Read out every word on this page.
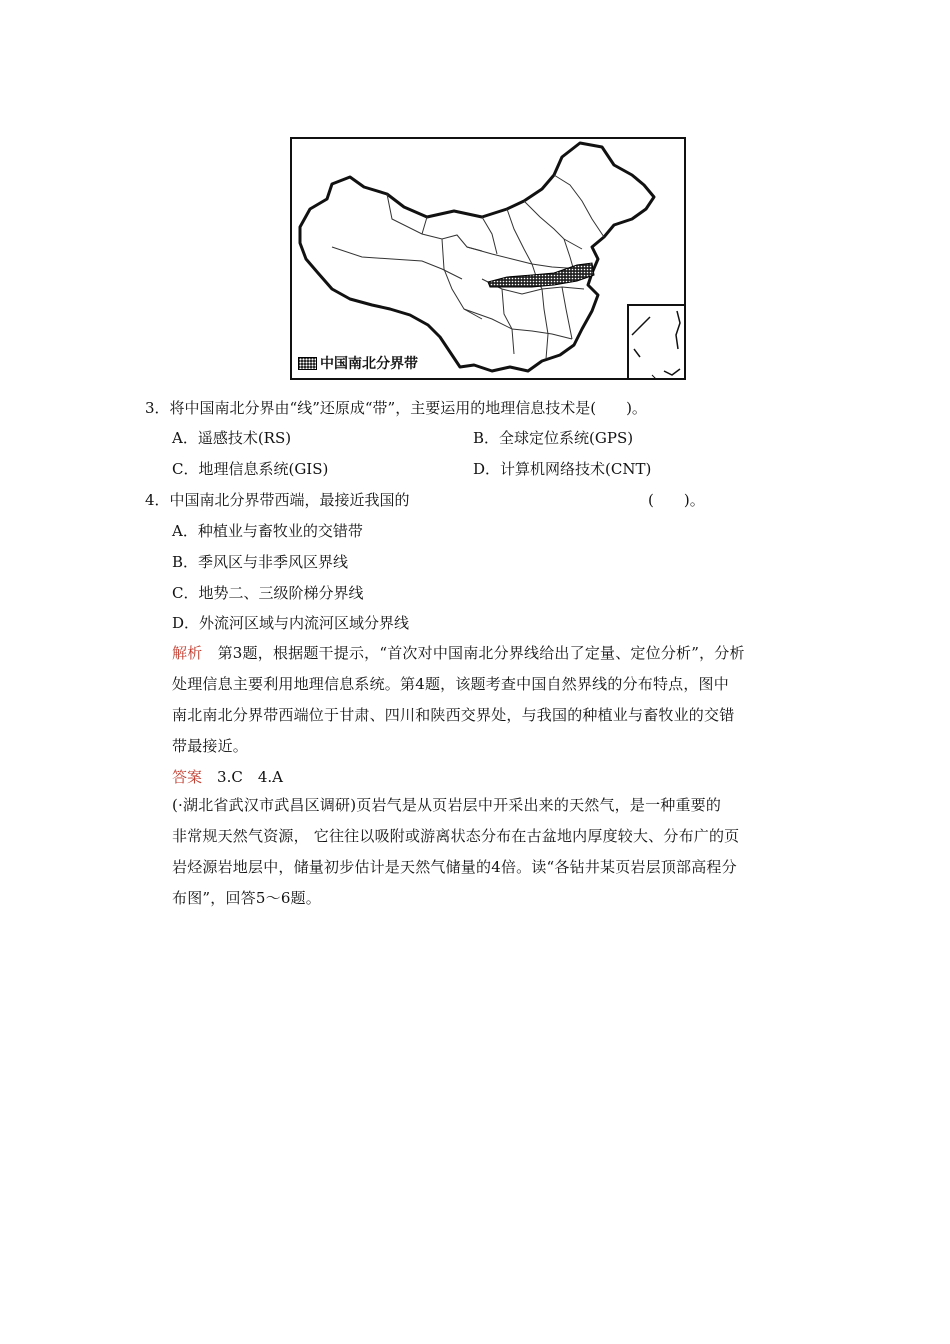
中国南北分界带
3．将中国南北分界由“线”还原成“带”，主要运用的地理信息技术是(　　)。
A．遥感技术(RS)	B．全球定位系统(GPS)
C．地理信息系统(GIS)	D．计算机网络技术(CNT)
4．中国南北分界带西端，最接近我国的	(　　)。
A．种植业与畜牧业的交错带
B．季风区与非季风区界线
C．地势二、三级阶梯分界线
D．外流河区域与内流河区域分界线
解析　 第3题，根据题干提示，“首次对中国南北分界线给出了定量、定位分析”，分析
处理信息主要利用地理信息系统。第4题，该题考查中国自然界线的分布特点，图中
南北南北分界带西端位于甘肃、四川和陕西交界处，与我国的种植业与畜牧业的交错
带最接近。
答案　 3.C　4.A
(·湖北省武汉市武昌区调研)页岩气是从页岩层中开采出来的天然气，是一种重要的
非常规天然气资源， 它往往以吸附或游离状态分布在古盆地内厚度较大、分布广的页
岩烃源岩地层中，储量初步估计是天然气储量的4倍。读“各钻井某页岩层顶部高程分
布图”，回答5～6题。
